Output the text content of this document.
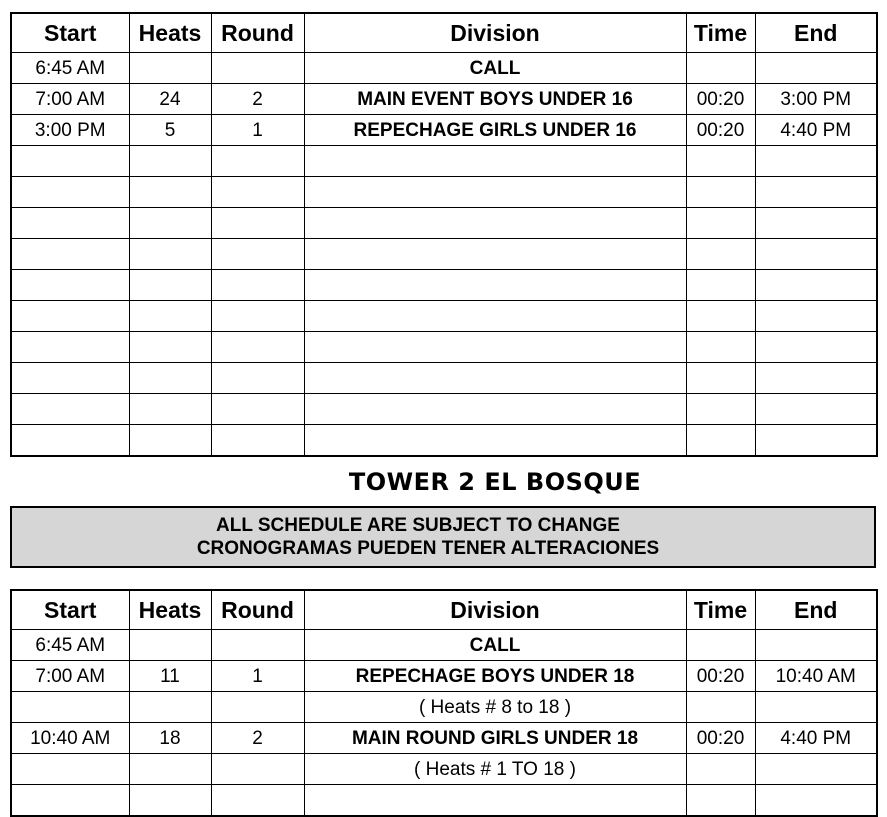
Start	Heats	Round	Division	Time	End
6:45 AM			CALL		
7:00 AM	24	2	MAIN EVENT BOYS UNDER 16	00:20	3:00 PM
3:00 PM	5	1	REPECHAGE GIRLS UNDER 16	00:20	4:40 PM

TOWER 2 EL BOSQUE
ALL SCHEDULE ARE SUBJECT TO CHANGE
CRONOGRAMAS PUEDEN TENER ALTERACIONES
Start	Heats	Round	Division	Time	End
6:45 AM			CALL		
7:00 AM	11	1	REPECHAGE BOYS UNDER 18	00:20	10:40 AM
			( Heats # 8 to 18 )		
10:40 AM	18	2	MAIN ROUND GIRLS UNDER 18	00:20	4:40 PM
			( Heats # 1 TO 18 )		
